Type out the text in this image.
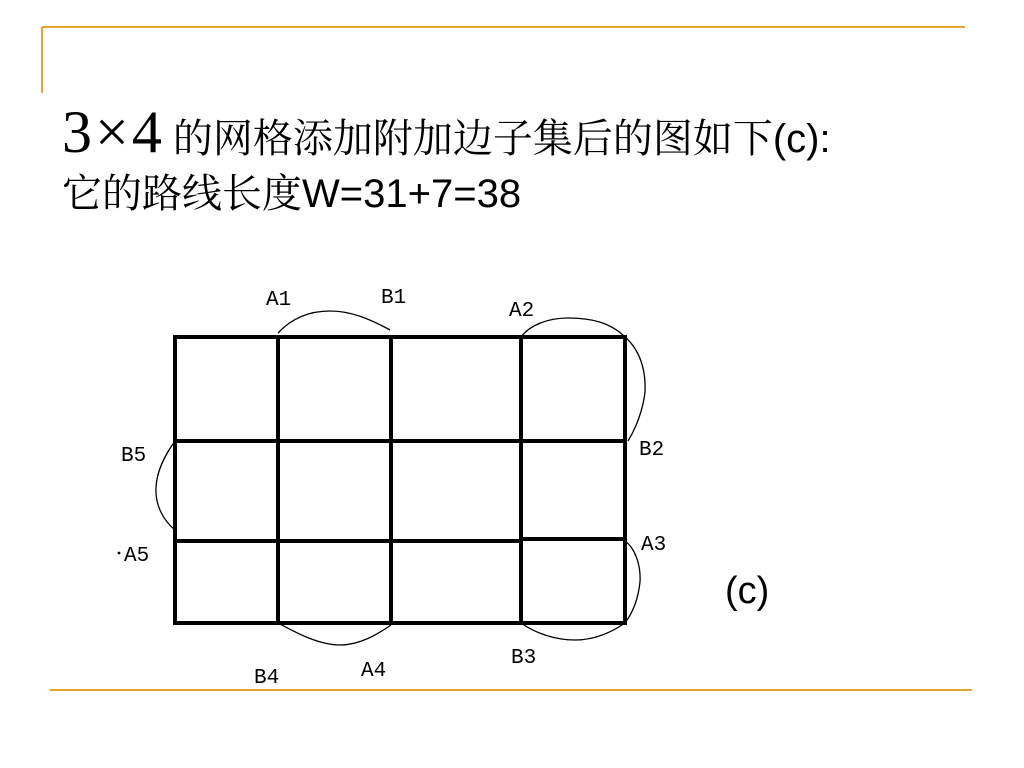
3×4 的网格添加附加边子集后的图如下(c):
它的路线长度W=31+7=38
A1	B1
A2
B2
A3
B3
A4
B4
B5
A5
(c)
